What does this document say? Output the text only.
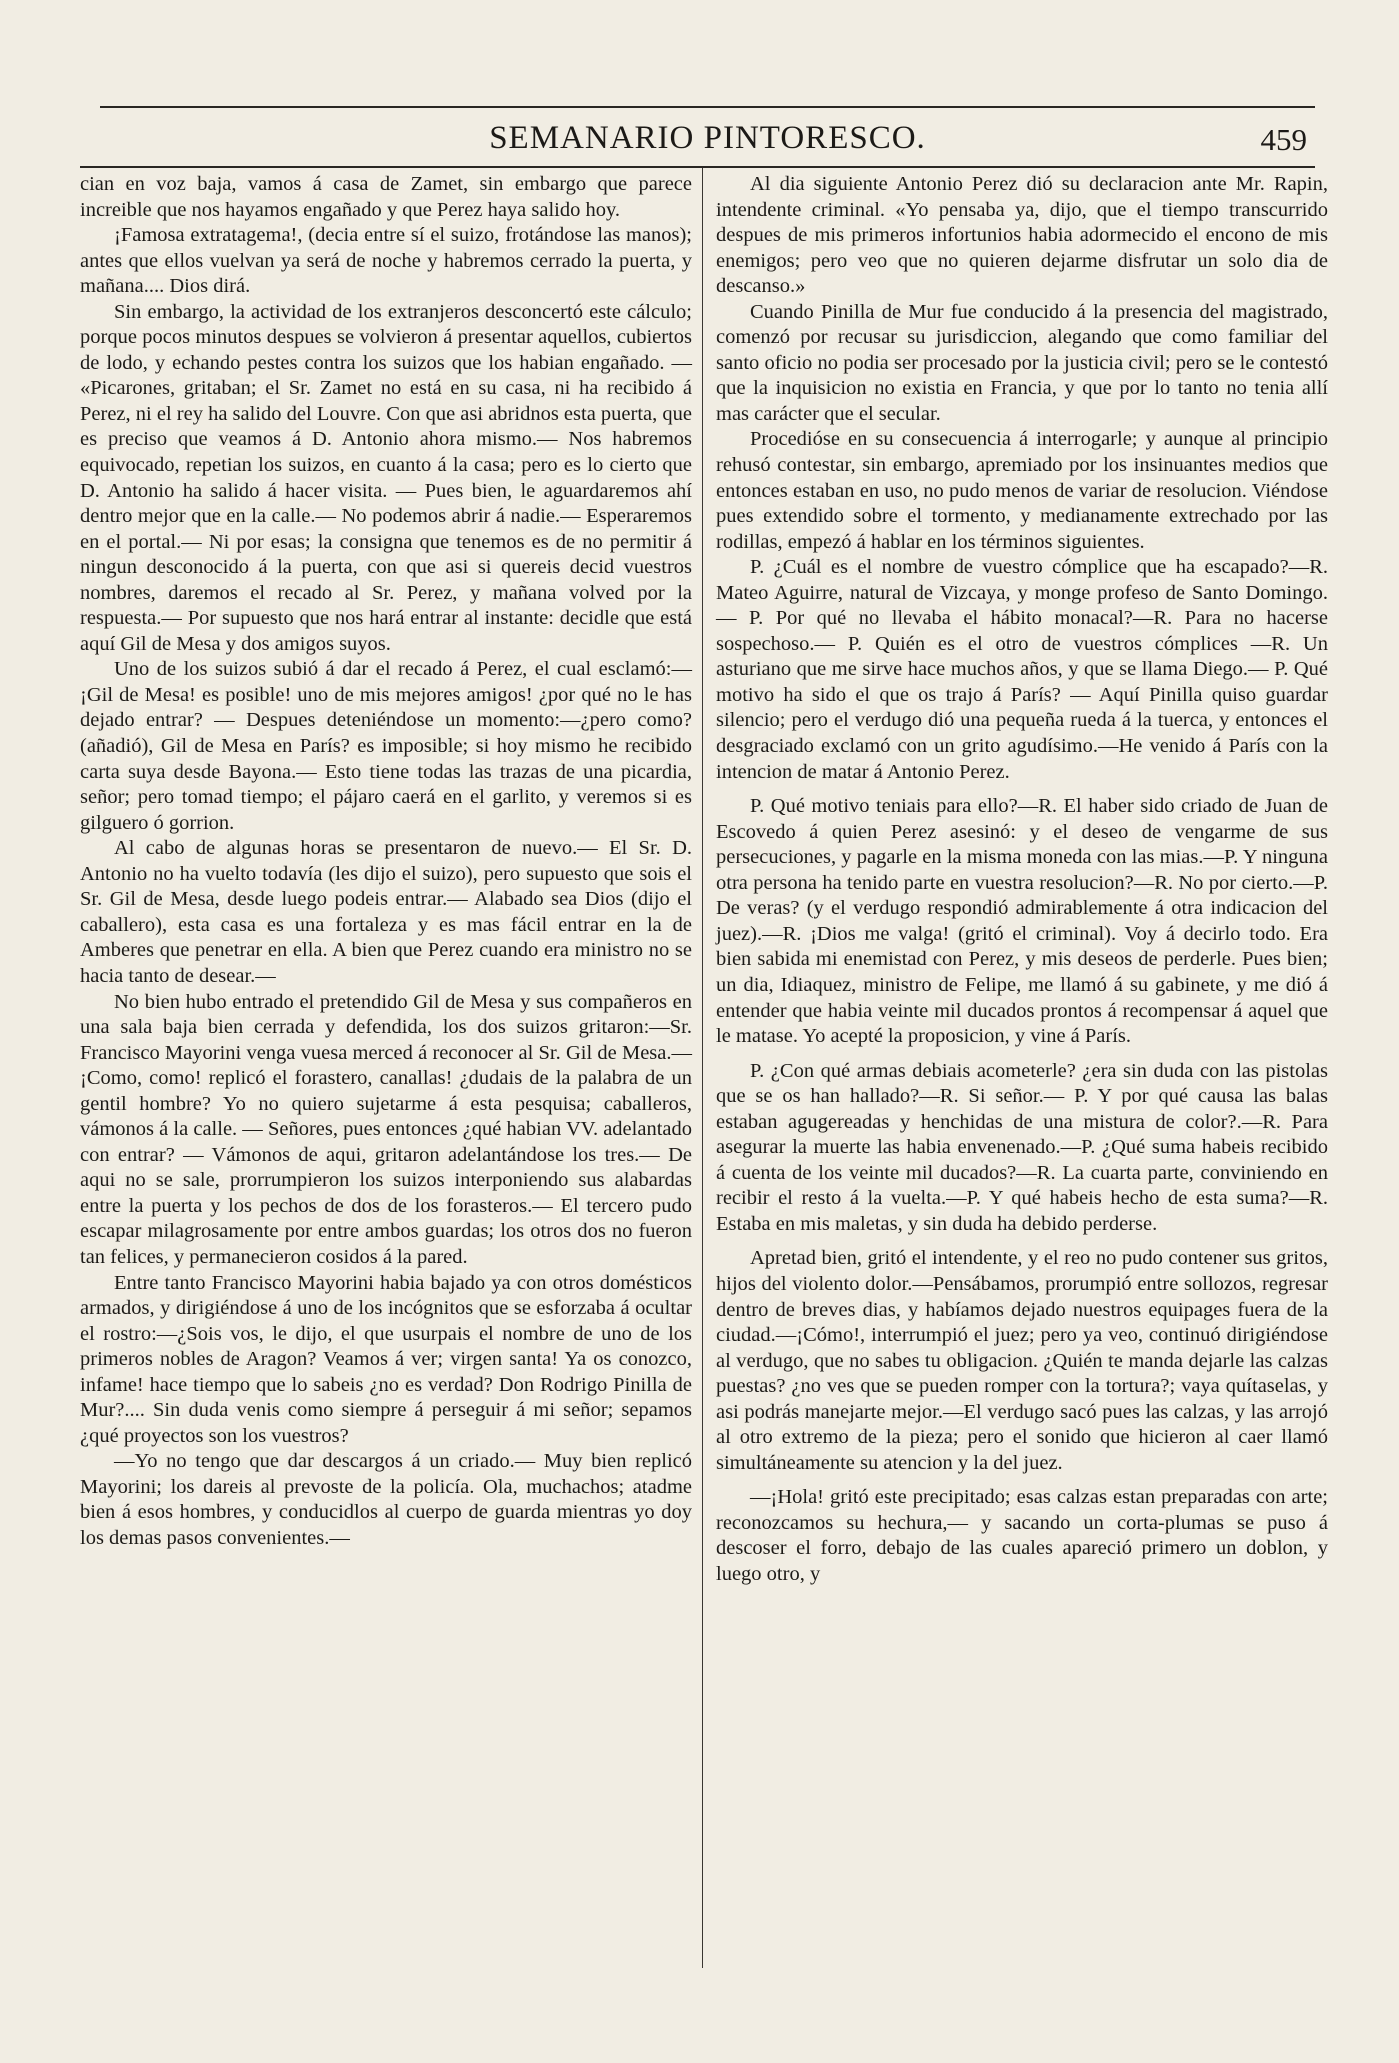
SEMANARIO PINTORESCO.	459

cian en voz baja, vamos á casa de Zamet, sin embargo que parece increible que nos hayamos engañado y que Perez haya salido hoy.

¡Famosa extratagema!, (decia entre sí el suizo, frotándose las manos); antes que ellos vuelvan ya será de noche y habremos cerrado la puerta, y mañana.... Dios dirá.

Sin embargo, la actividad de los extranjeros desconcertó este cálculo; porque pocos minutos despues se volvieron á presentar aquellos, cubiertos de lodo, y echando pestes contra los suizos que los habian engañado. — «Picarones, gritaban; el Sr. Zamet no está en su casa, ni ha recibido á Perez, ni el rey ha salido del Louvre. Con que asi abridnos esta puerta, que es preciso que veamos á D. Antonio ahora mismo.— Nos habremos equivocado, repetian los suizos, en cuanto á la casa; pero es lo cierto que D. Antonio ha salido á hacer visita. — Pues bien, le aguardaremos ahí dentro mejor que en la calle.— No podemos abrir á nadie.— Esperaremos en el portal.— Ni por esas; la consigna que tenemos es de no permitir á ningun desconocido á la puerta, con que asi si quereis decid vuestros nombres, daremos el recado al Sr. Perez, y mañana volved por la respuesta.— Por supuesto que nos hará entrar al instante: decidle que está aquí Gil de Mesa y dos amigos suyos.

Uno de los suizos subió á dar el recado á Perez, el cual esclamó:—¡Gil de Mesa! es posible! uno de mis mejores amigos! ¿por qué no le has dejado entrar? — Despues deteniéndose un momento:—¿pero como? (añadió), Gil de Mesa en París? es imposible; si hoy mismo he recibido carta suya desde Bayona.— Esto tiene todas las trazas de una picardia, señor; pero tomad tiempo; el pájaro caerá en el garlito, y veremos si es gilguero ó gorrion.

Al cabo de algunas horas se presentaron de nuevo.— El Sr. D. Antonio no ha vuelto todavía (les dijo el suizo), pero supuesto que sois el Sr. Gil de Mesa, desde luego podeis entrar.— Alabado sea Dios (dijo el caballero), esta casa es una fortaleza y es mas fácil entrar en la de Amberes que penetrar en ella. A bien que Perez cuando era ministro no se hacia tanto de desear.—

No bien hubo entrado el pretendido Gil de Mesa y sus compañeros en una sala baja bien cerrada y defendida, los dos suizos gritaron:—Sr. Francisco Mayorini venga vuesa merced á reconocer al Sr. Gil de Mesa.— ¡Como, como! replicó el forastero, canallas! ¿dudais de la palabra de un gentil hombre? Yo no quiero sujetarme á esta pesquisa; caballeros, vámonos á la calle. — Señores, pues entonces ¿qué habian VV. adelantado con entrar? — Vámonos de aqui, gritaron adelantándose los tres.— De aqui no se sale, prorrumpieron los suizos interponiendo sus alabardas entre la puerta y los pechos de dos de los forasteros.— El tercero pudo escapar milagrosamente por entre ambos guardas; los otros dos no fueron tan felices, y permanecieron cosidos á la pared.

Entre tanto Francisco Mayorini habia bajado ya con otros domésticos armados, y dirigiéndose á uno de los incógnitos que se esforzaba á ocultar el rostro:—¿Sois vos, le dijo, el que usurpais el nombre de uno de los primeros nobles de Aragon? Veamos á ver; virgen santa! Ya os conozco, infame! hace tiempo que lo sabeis ¿no es verdad? Don Rodrigo Pinilla de Mur?.... Sin duda venis como siempre á perseguir á mi señor; sepamos ¿qué proyectos son los vuestros?

—Yo no tengo que dar descargos á un criado.— Muy bien replicó Mayorini; los dareis al prevoste de la policía. Ola, muchachos; atadme bien á esos hombres, y conducidlos al cuerpo de guarda mientras yo doy los demas pasos convenientes.—

Al dia siguiente Antonio Perez dió su declaracion ante Mr. Rapin, intendente criminal. «Yo pensaba ya, dijo, que el tiempo transcurrido despues de mis primeros infortunios habia adormecido el encono de mis enemigos; pero veo que no quieren dejarme disfrutar un solo dia de descanso.»

Cuando Pinilla de Mur fue conducido á la presencia del magistrado, comenzó por recusar su jurisdiccion, alegando que como familiar del santo oficio no podia ser procesado por la justicia civil; pero se le contestó que la inquisicion no existia en Francia, y que por lo tanto no tenia allí mas carácter que el secular.

Procedióse en su consecuencia á interrogarle; y aunque al principio rehusó contestar, sin embargo, apremiado por los insinuantes medios que entonces estaban en uso, no pudo menos de variar de resolucion. Viéndose pues extendido sobre el tormento, y medianamente extrechado por las rodillas, empezó á hablar en los términos siguientes.

P. ¿Cuál es el nombre de vuestro cómplice que ha escapado?—R. Mateo Aguirre, natural de Vizcaya, y monge profeso de Santo Domingo.— P. Por qué no llevaba el hábito monacal?—R. Para no hacerse sospechoso.— P. Quién es el otro de vuestros cómplices —R. Un asturiano que me sirve hace muchos años, y que se llama Diego.— P. Qué motivo ha sido el que os trajo á París? — Aquí Pinilla quiso guardar silencio; pero el verdugo dió una pequeña rueda á la tuerca, y entonces el desgraciado exclamó con un grito agudísimo.—He venido á París con la intencion de matar á Antonio Perez.

P. Qué motivo teniais para ello?—R. El haber sido criado de Juan de Escovedo á quien Perez asesinó: y el deseo de vengarme de sus persecuciones, y pagarle en la misma moneda con las mias.—P. Y ninguna otra persona ha tenido parte en vuestra resolucion?—R. No por cierto.—P. De veras? (y el verdugo respondió admirablemente á otra indicacion del juez).—R. ¡Dios me valga! (gritó el criminal). Voy á decirlo todo. Era bien sabida mi enemistad con Perez, y mis deseos de perderle. Pues bien; un dia, Idiaquez, ministro de Felipe, me llamó á su gabinete, y me dió á entender que habia veinte mil ducados prontos á recompensar á aquel que le matase. Yo acepté la proposicion, y vine á París.

P. ¿Con qué armas debiais acometerle? ¿era sin duda con las pistolas que se os han hallado?—R. Si señor.— P. Y por qué causa las balas estaban agugereadas y henchidas de una mistura de color?.—R. Para asegurar la muerte las habia envenenado.—P. ¿Qué suma habeis recibido á cuenta de los veinte mil ducados?—R. La cuarta parte, conviniendo en recibir el resto á la vuelta.—P. Y qué habeis hecho de esta suma?—R. Estaba en mis maletas, y sin duda ha debido perderse.

Apretad bien, gritó el intendente, y el reo no pudo contener sus gritos, hijos del violento dolor.—Pensábamos, prorumpió entre sollozos, regresar dentro de breves dias, y habíamos dejado nuestros equipages fuera de la ciudad.—¡Cómo!, interrumpió el juez; pero ya veo, continuó dirigiéndose al verdugo, que no sabes tu obligacion. ¿Quién te manda dejarle las calzas puestas? ¿no ves que se pueden romper con la tortura?; vaya quítaselas, y asi podrás manejarte mejor.—El verdugo sacó pues las calzas, y las arrojó al otro extremo de la pieza; pero el sonido que hicieron al caer llamó simultáneamente su atencion y la del juez.

—¡Hola! gritó este precipitado; esas calzas estan preparadas con arte; reconozcamos su hechura,— y sacando un corta-plumas se puso á descoser el forro, debajo de las cuales apareció primero un doblon, y luego otro, y
